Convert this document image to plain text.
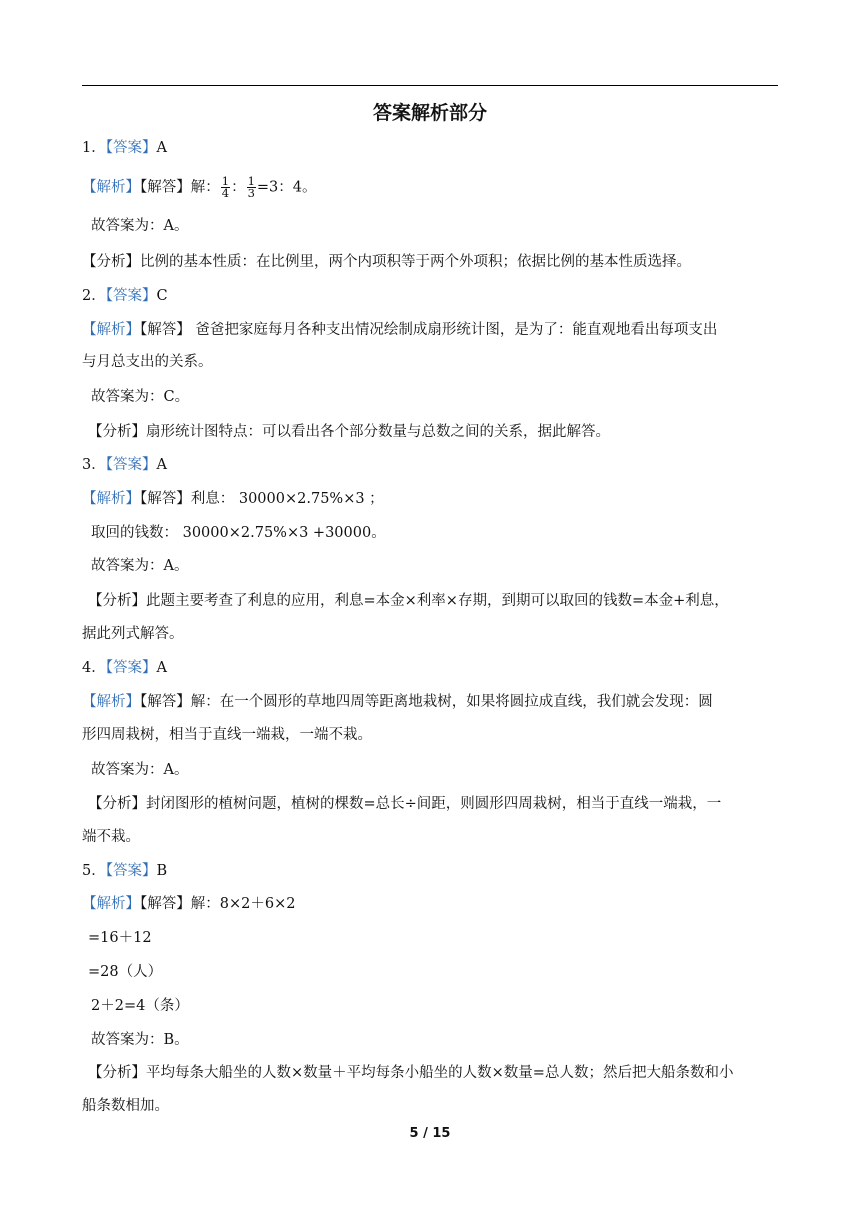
答案解析部分
1．【答案】A
【解析】【解答】解： $\frac{1}{4}$ ： $\frac{1}{3} =3$：4。
故答案为：A。
【分析】比例的基本性质：在比例里，两个内项积等于两个外项积；依据比例的基本性质选择。
2．【答案】C
【解析】【解答】 爸爸把家庭每月各种支出情况绘制成扇形统计图，是为了：能直观地看出每项支出
与月总支出的关系。
故答案为：C。
【分析】扇形统计图特点：可以看出各个部分数量与总数之间的关系，据此解答。
3．【答案】A
【解析】【解答】利息： 30000×2.75%×3 ；
取回的钱数： 30000×2.75%×3 +30000。
故答案为：A。
【分析】此题主要考查了利息的应用，利息=本金×利率×存期，到期可以取回的钱数=本金+利息，
据此列式解答。
4．【答案】A
【解析】【解答】解：在一个圆形的草地四周等距离地栽树，如果将圆拉成直线，我们就会发现：圆
形四周栽树，相当于直线一端栽，一端不栽。
故答案为：A。
【分析】封闭图形的植树问题，植树的棵数=总长÷间距，则圆形四周栽树，相当于直线一端栽，一
端不栽。
5．【答案】B
【解析】【解答】解：8×2＋6×2
=16＋12
=28（人）
2＋2=4（条）
故答案为：B。
【分析】平均每条大船坐的人数×数量＋平均每条小船坐的人数×数量=总人数；然后把大船条数和小
船条数相加。
5 / 15
